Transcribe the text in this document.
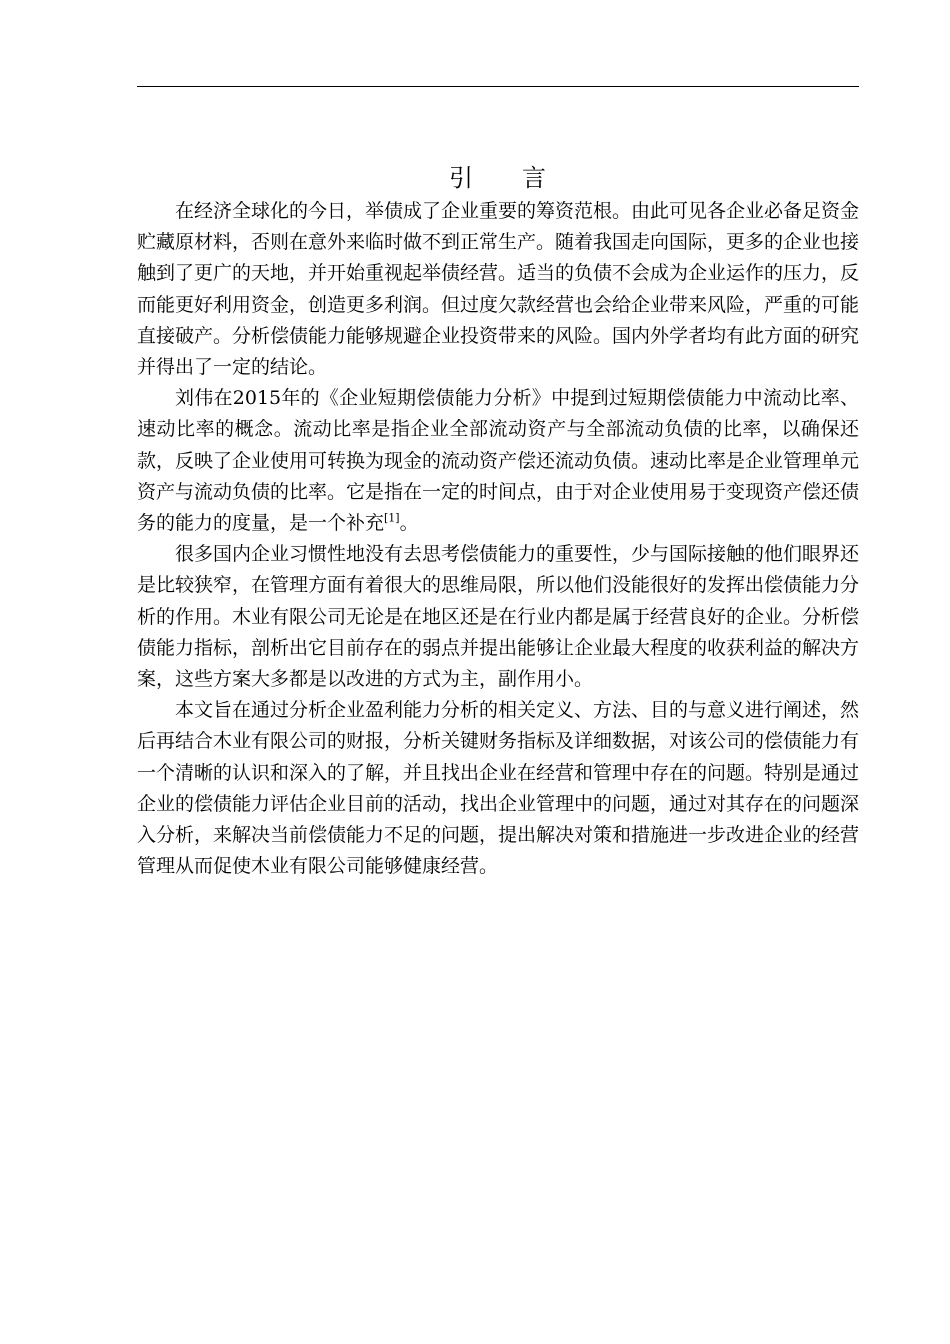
引 言

在经济全球化的今日，举债成了企业重要的筹资范根。由此可见各企业必备足资金贮藏原材料，否则在意外来临时做不到正常生产。随着我国走向国际，更多的企业也接触到了更广的天地，并开始重视起举债经营。适当的负债不会成为企业运作的压力，反而能更好利用资金，创造更多利润。但过度欠款经营也会给企业带来风险，严重的可能直接破产。分析偿债能力能够规避企业投资带来的风险。国内外学者均有此方面的研究并得出了一定的结论。

刘伟在2015年的《企业短期偿债能力分析》中提到过短期偿债能力中流动比率、速动比率的概念。流动比率是指企业全部流动资产与全部流动负债的比率，以确保还款，反映了企业使用可转换为现金的流动资产偿还流动负债。速动比率是企业管理单元资产与流动负债的比率。它是指在一定的时间点，由于对企业使用易于变现资产偿还债务的能力的度量，是一个补充[1]。

很多国内企业习惯性地没有去思考偿债能力的重要性，少与国际接触的他们眼界还是比较狭窄，在管理方面有着很大的思维局限，所以他们没能很好的发挥出偿债能力分析的作用。木业有限公司无论是在地区还是在行业内都是属于经营良好的企业。分析偿债能力指标，剖析出它目前存在的弱点并提出能够让企业最大程度的收获利益的解决方案，这些方案大多都是以改进的方式为主，副作用小。

本文旨在通过分析企业盈利能力分析的相关定义、方法、目的与意义进行阐述，然后再结合木业有限公司的财报，分析关键财务指标及详细数据，对该公司的偿债能力有一个清晰的认识和深入的了解，并且找出企业在经营和管理中存在的问题。特别是通过企业的偿债能力评估企业目前的活动，找出企业管理中的问题，通过对其存在的问题深入分析，来解决当前偿债能力不足的问题，提出解决对策和措施进一步改进企业的经营管理从而促使木业有限公司能够健康经营。
